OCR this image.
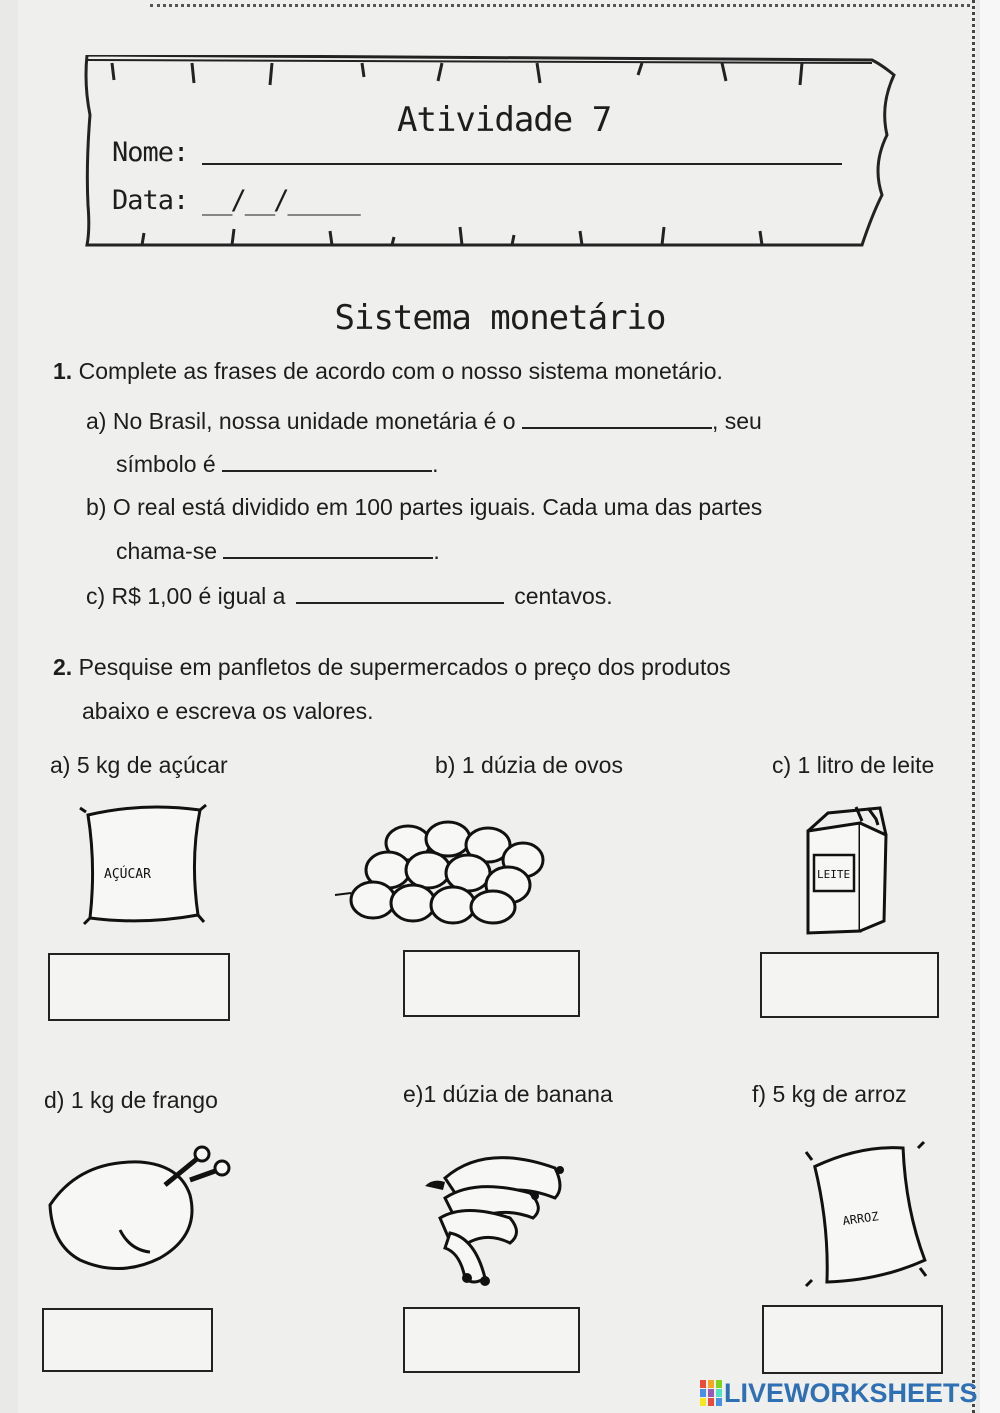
Atividade 7
Nome:
Data: __/__/_____
Sistema monetário
1. Complete as frases de acordo com o nosso sistema monetário.
a) No Brasil, nossa unidade monetária é o	, seu
símbolo é	.
b) O real está dividido em 100 partes iguais. Cada uma das partes
chama-se	.
c) R$ 1,00 é igual a	centavos.
2. Pesquise em panfletos de supermercados o preço dos produtos
abaixo e escreva os valores.
a) 5 kg de açúcar	b) 1 dúzia de ovos	c) 1 litro de leite
AÇÚCAR	LEITE
d) 1 kg de frango	e)1 dúzia de banana	f) 5 kg de arroz
ARROZ
LIVEWORKSHEETS
